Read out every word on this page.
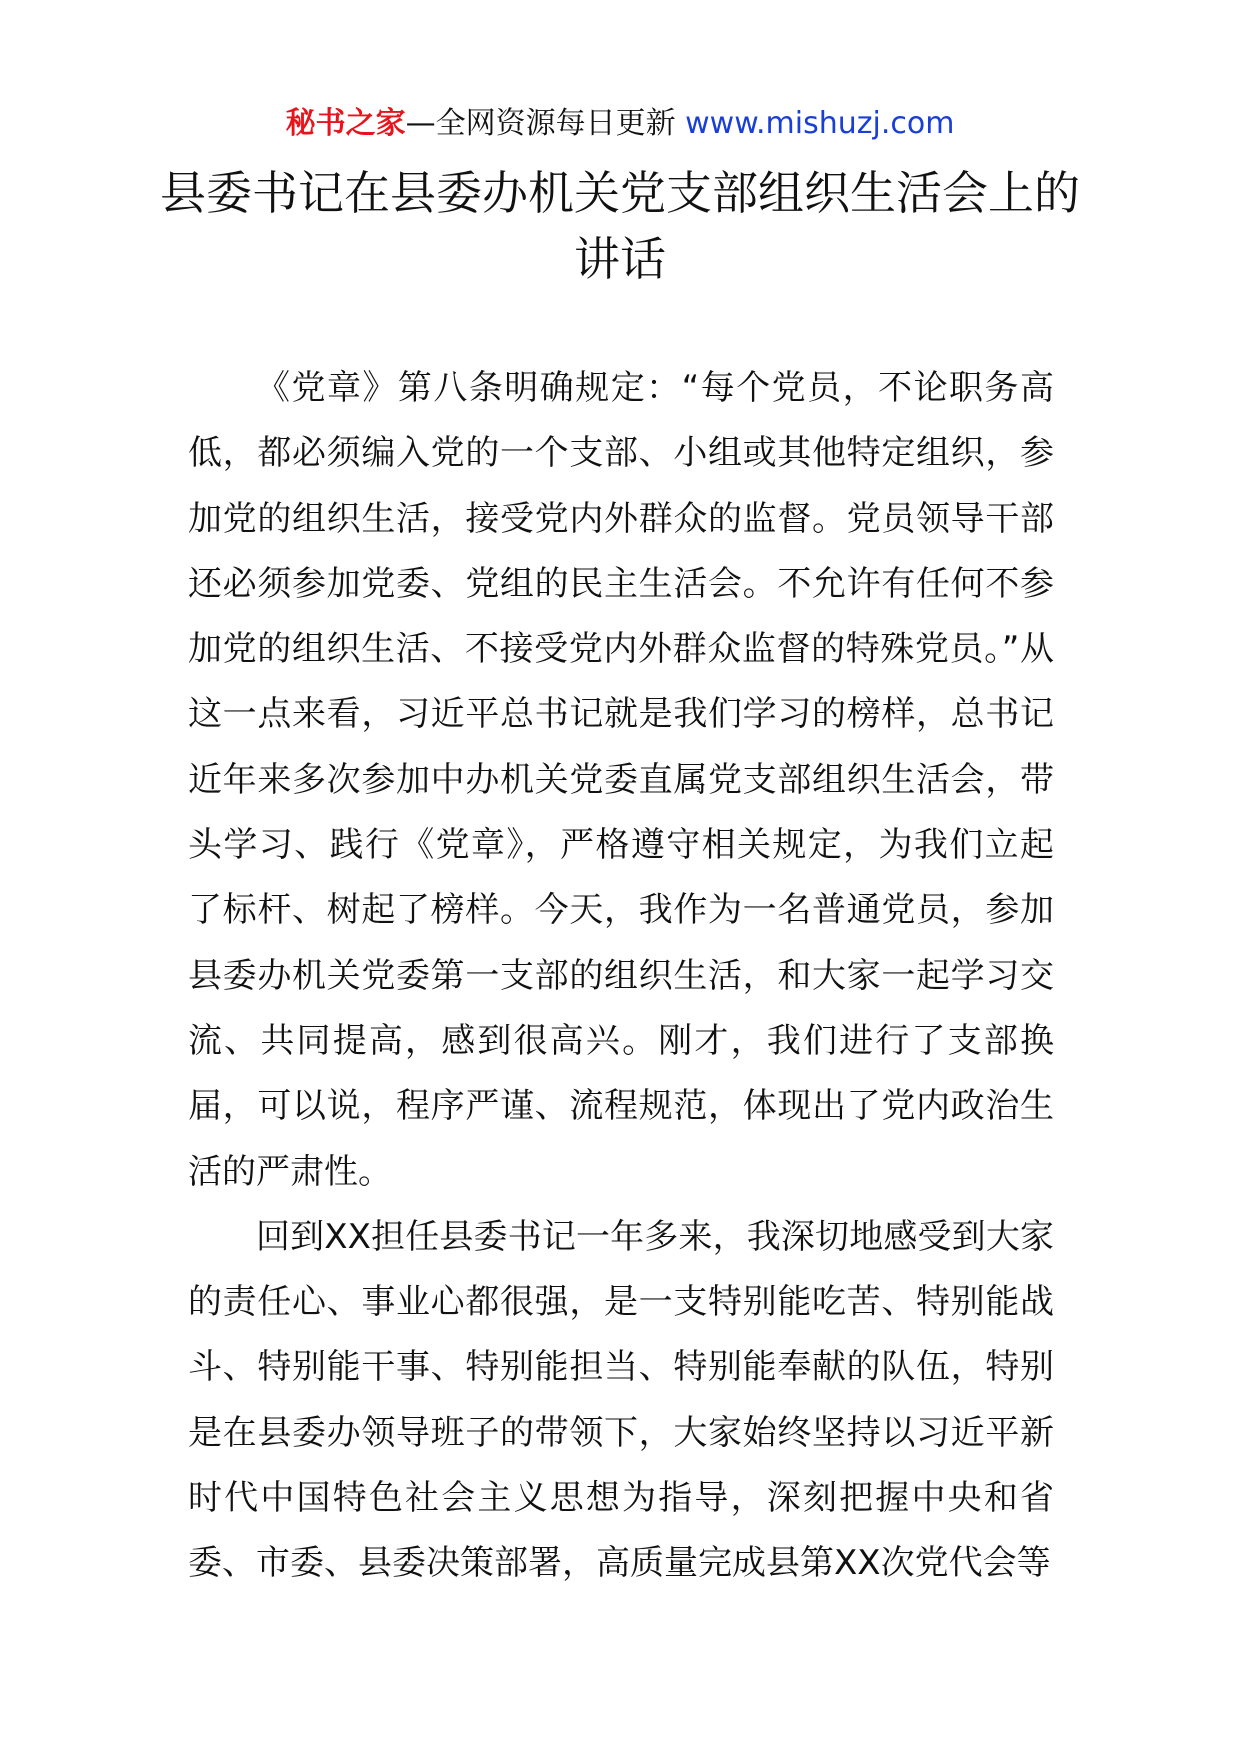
秘书之家—全网资源每日更新 www.mishuzj.com
县委书记在县委办机关党支部组织生活会上的讲话

《党章》第八条明确规定：“每个党员，不论职务高低，都必须编入党的一个支部、小组或其他特定组织，参加党的组织生活，接受党内外群众的监督。党员领导干部还必须参加党委、党组的民主生活会。不允许有任何不参加党的组织生活、不接受党内外群众监督的特殊党员。”从这一点来看，习近平总书记就是我们学习的榜样，总书记近年来多次参加中办机关党委直属党支部组织生活会，带头学习、践行《党章》，严格遵守相关规定，为我们立起了标杆、树起了榜样。今天，我作为一名普通党员，参加县委办机关党委第一支部的组织生活，和大家一起学习交流、共同提高，感到很高兴。刚才，我们进行了支部换届，可以说，程序严谨、流程规范，体现出了党内政治生活的严肃性。

回到XX担任县委书记一年多来，我深切地感受到大家的责任心、事业心都很强，是一支特别能吃苦、特别能战斗、特别能干事、特别能担当、特别能奉献的队伍，特别是在县委办领导班子的带领下，大家始终坚持以习近平新时代中国特色社会主义思想为指导，深刻把握中央和省委、市委、县委决策部署，高质量完成县第XX次党代会等
